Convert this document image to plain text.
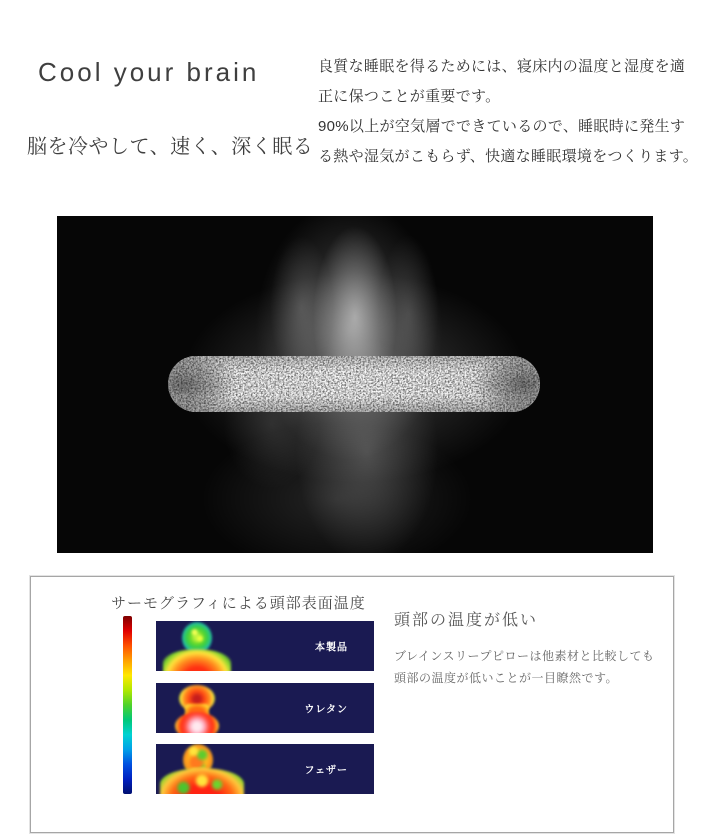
Cool your brain
脳を冷やして、速く、深く眠る
良質な睡眠を得るためには、寝床内の温度と湿度を適
正に保つことが重要です。
90%以上が空気層でできているので、睡眠時に発生す
る熱や湿気がこもらず、快適な睡眠環境をつくります。
サーモグラフィによる頭部表面温度
本製品
ウレタン
フェザー
頭部の温度が低い
ブレインスリープピローは他素材と比較しても
頭部の温度が低いことが一目瞭然です。
